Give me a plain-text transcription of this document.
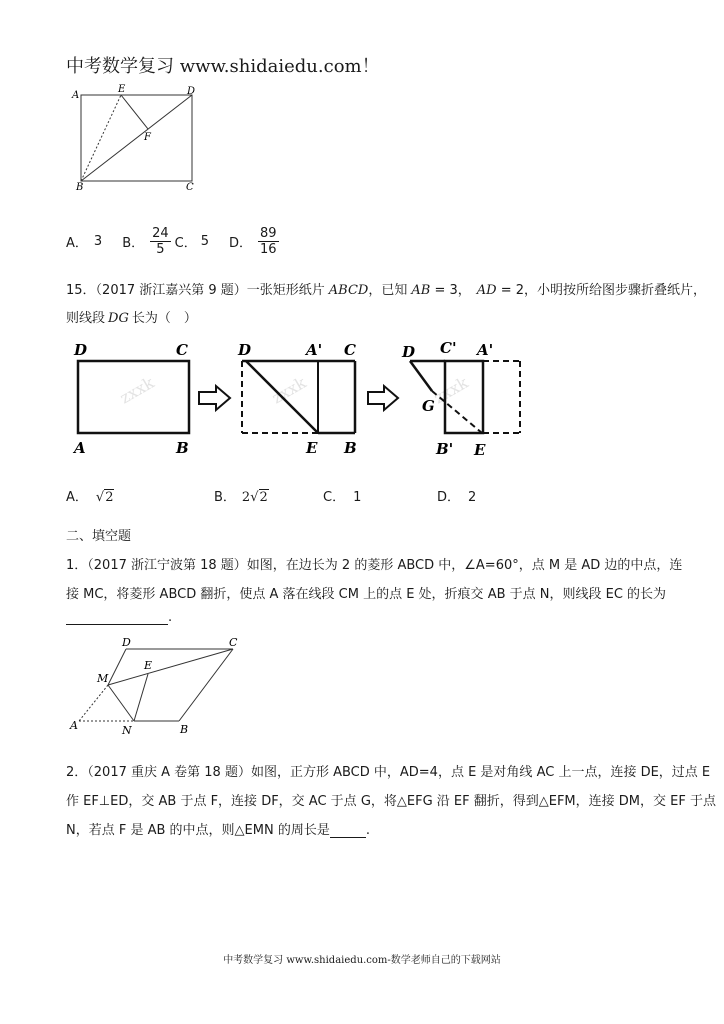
中考数学复习 www.shidaiedu.com！
A
E	D
F
B	C
A． 3 B． $\frac{24}{5}$ C． 5 D． $\frac{89}{16}$
15．（2017 浙江嘉兴第 9 题）一张矩形纸片 ABCD，已知 AB = 3， AD = 2，小明按所给图步骤折叠纸片，
则线段 DG 长为（　）
zxxk	zxxk	zxxk
D	C
A	B
D	A' C
E B
D C' A'
G
B' E
A． √2	B． 2√2	C． 1	D． 2
二、填空题
1．（2017 浙江宁波第 18 题）如图，在边长为 2 的菱形 ABCD 中，∠A=60°，点 M 是 AD 边的中点，连
接 MC，将菱形 ABCD 翻折，使点 A 落在线段 CM 上的点 E 处，折痕交 AB 于点 N，则线段 EC 的长为
.
D	C
E
M
A	N	B
2．（2017 重庆 A 卷第 18 题）如图，正方形 ABCD 中，AD=4，点 E 是对角线 AC 上一点，连接 DE，过点 E
作 EF⊥ED，交 AB 于点 F，连接 DF，交 AC 于点 G，将△EFG 沿 EF 翻折，得到△EFM，连接 DM，交 EF 于点
N，若点 F 是 AB 的中点，则△EMN 的周长是	.
中考数学复习 www.shidaiedu.com-数学老师自己的下载网站
